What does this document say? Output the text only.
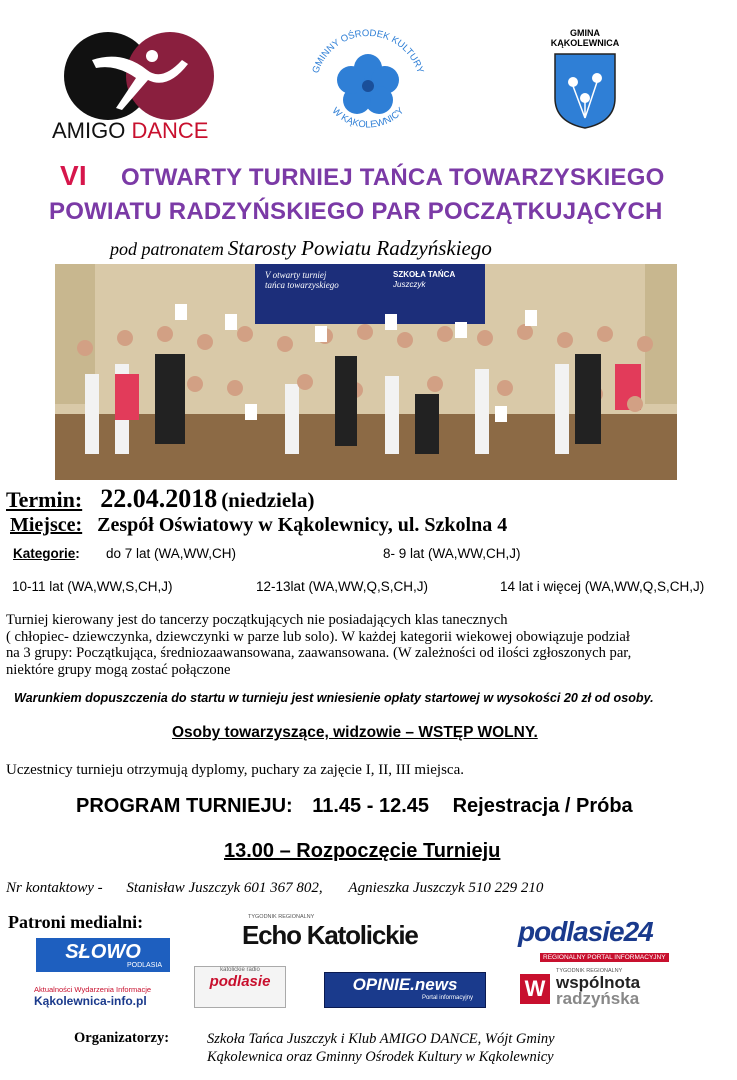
AMIGO DANCE
GMINNY OŚRODEK KULTURY
W KĄKOLEWNICY
GMINA
KĄKOLEWNICA
VI OTWARTY TURNIEJ TAŃCA TOWARZYSKIEGO
POWIATU RADZYŃSKIEGO PAR POCZĄTKUJĄCYCH
pod patronatem Starosty Powiatu Radzyńskiego
V otwarty turniej
tańca towarzyskiego
SZKOŁA TAŃCA
Juszczyk
Termin: 22.04.2018 (niedziela)
Miejsce: Zespół Oświatowy w Kąkolewnicy, ul. Szkolna 4
Kategorie: do 7 lat (WA,WW,CH)	8- 9 lat (WA,WW,CH,J)
10-11 lat (WA,WW,S,CH,J)	12-13lat (WA,WW,Q,S,CH,J)	14 lat i więcej (WA,WW,Q,S,CH,J)
Turniej kierowany jest do tancerzy początkujących nie posiadających klas tanecznych
( chłopiec- dziewczynka, dziewczynki w parze lub solo). W każdej kategorii wiekowej obowiązuje podział
na 3 grupy: Początkująca, średniozaawansowana, zaawansowana. (W zależności od ilości zgłoszonych par,
niektóre grupy mogą zostać połączone
Warunkiem dopuszczenia do startu w turnieju jest wniesienie opłaty startowej w wysokości 20 zł od osoby.
Osoby towarzyszące, widzowie – WSTĘP WOLNY.
Uczestnicy turnieju otrzymują dyplomy, puchary za zajęcie I, II, III miejsca.
PROGRAM TURNIEJU: 11.45 - 12.45 Rejestracja / Próba
13.00 – Rozpoczęcie Turnieju
Nr kontaktowy - Stanisław Juszczyk 601 367 802, Agnieszka Juszczyk 510 229 210
Patroni medialni:
SŁOWO
PODLASIA
TYGODNIK REGIONALNY
Echo Katolickie	podlasie24
REGIONALNY PORTAL INFORMACYJNY
Aktualności Wydarzenia Informacje
Kąkolewnica-info.pl
katolickie radio
podlasie	OPINIE.news
Portal informacyjny W
TYGODNIK REGIONALNY
wspólnota
radzyńska
Organizatorzy:	Szkoła Tańca Juszczyk i Klub AMIGO DANCE, Wójt Gminy
Kąkolewnica oraz Gminny Ośrodek Kultury w Kąkolewnicy
